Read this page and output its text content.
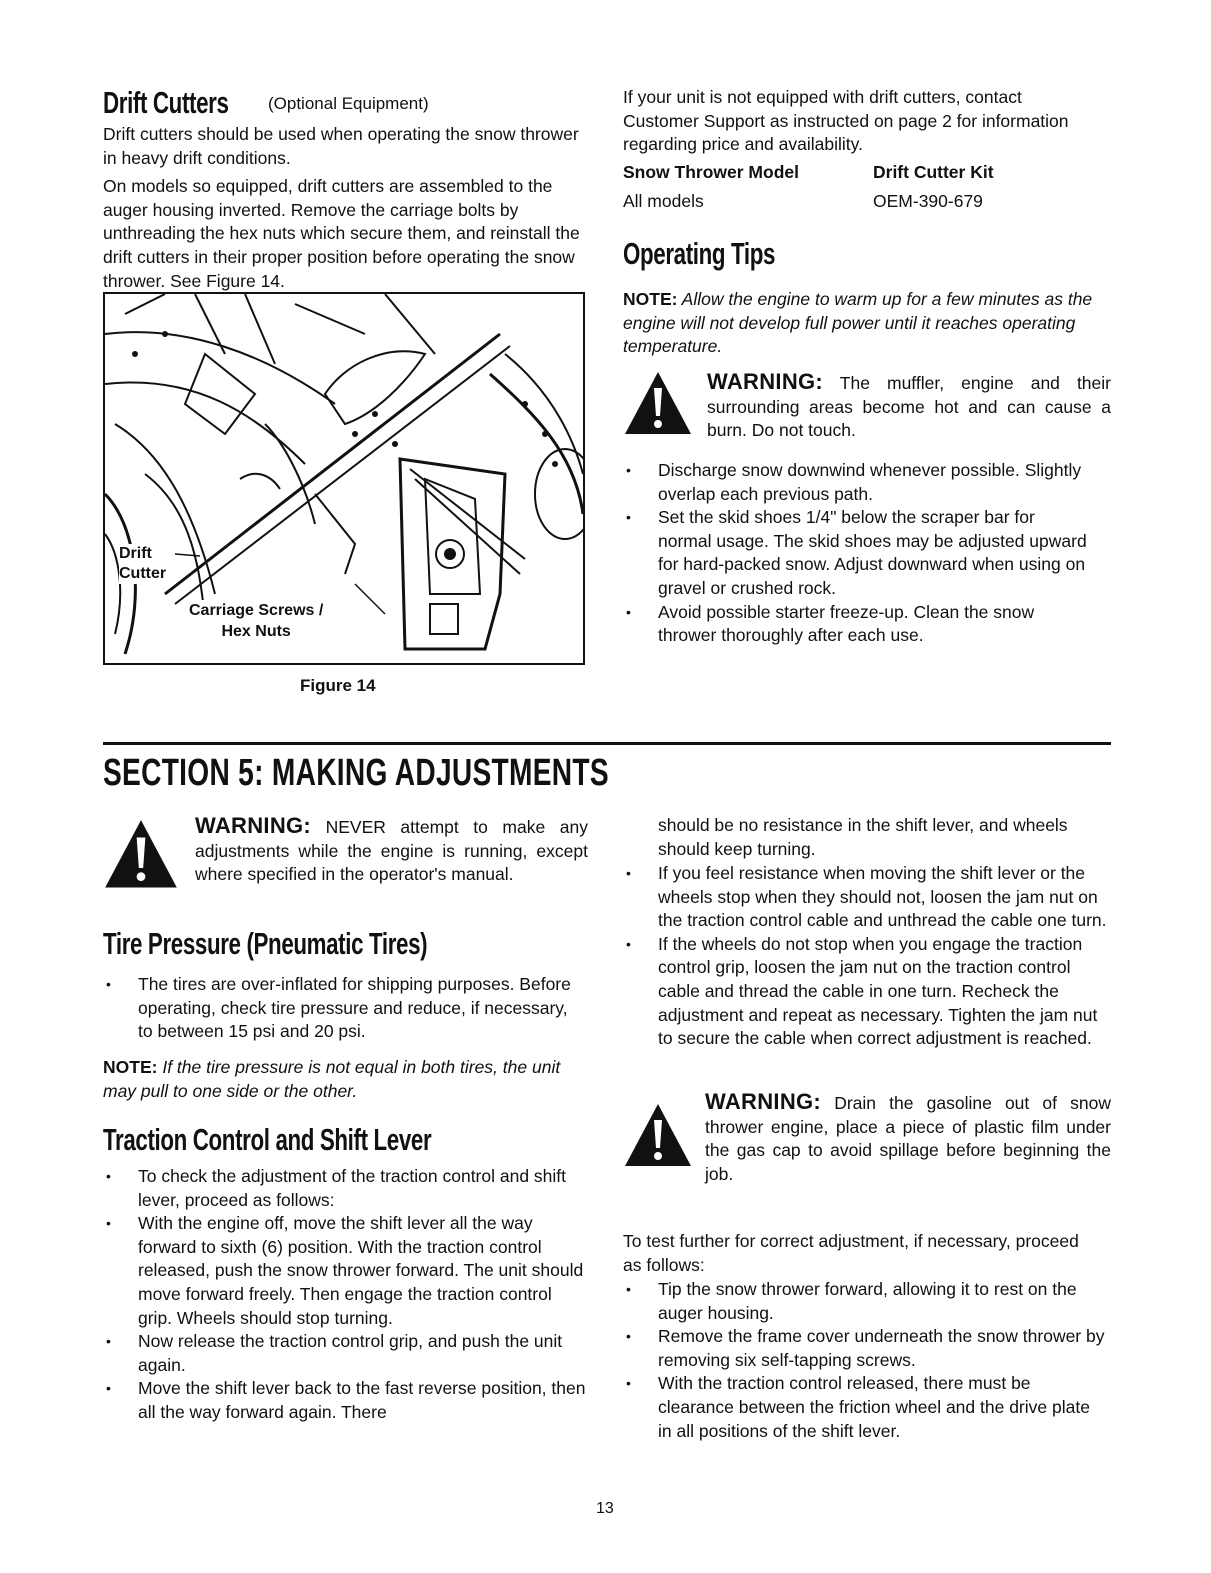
Drift Cutters	(Optional Equipment)

Drift cutters should be used when operating the snow thrower in heavy drift conditions.

On models so equipped, drift cutters are assembled to the auger housing inverted. Remove the carriage bolts by unthreading the hex nuts which secure them, and reinstall the drift cutters in their proper position before operating the snow thrower. See Figure 14.

Drift
Cutter
Carriage Screws /
Hex Nuts
Figure 14

If your unit is not equipped with drift cutters, contact Customer Support as instructed on page 2 for information regarding price and availability.

Snow Thrower Model	Drift Cutter Kit
All models	OEM-390-679
Operating Tips
NOTE: Allow the engine to warm up for a few minutes as the engine will not develop full power until it reaches operating temperature.
WARNING: The muffler, engine and their surrounding areas become hot and can cause a burn. Do not touch.
• Discharge snow downwind whenever possible. Slightly overlap each previous path.
• Set the skid shoes 1/4" below the scraper bar for normal usage. The skid shoes may be adjusted upward for hard-packed snow. Adjust downward when using on gravel or crushed rock.
• Avoid possible starter freeze-up. Clean the snow thrower thoroughly after each use.
SECTION 5: MAKING ADJUSTMENTS
WARNING: NEVER attempt to make any adjustments while the engine is running, except where specified in the operator's manual.
Tire Pressure (Pneumatic Tires)
• The tires are over-inflated for shipping purposes. Before operating, check tire pressure and reduce, if necessary, to between 15 psi and 20 psi.
NOTE: If the tire pressure is not equal in both tires, the unit may pull to one side or the other.
Traction Control and Shift Lever
• To check the adjustment of the traction control and shift lever, proceed as follows:
• With the engine off, move the shift lever all the way forward to sixth (6) position. With the traction control released, push the snow thrower forward. The unit should move forward freely. Then engage the traction control grip. Wheels should stop turning.
• Now release the traction control grip, and push the unit again.
• Move the shift lever back to the fast reverse position, then all the way forward again. There
should be no resistance in the shift lever, and wheels should keep turning.
• If you feel resistance when moving the shift lever or the wheels stop when they should not, loosen the jam nut on the traction control cable and unthread the cable one turn.
• If the wheels do not stop when you engage the traction control grip, loosen the jam nut on the traction control cable and thread the cable in one turn. Recheck the adjustment and repeat as necessary. Tighten the jam nut to secure the cable when correct adjustment is reached.
WARNING: Drain the gasoline out of snow thrower engine, place a piece of plastic film under the gas cap to avoid spillage before beginning the job.
To test further for correct adjustment, if necessary, proceed as follows:
• Tip the snow thrower forward, allowing it to rest on the auger housing.
• Remove the frame cover underneath the snow thrower by removing six self-tapping screws.
• With the traction control released, there must be clearance between the friction wheel and the drive plate in all positions of the shift lever.
13
